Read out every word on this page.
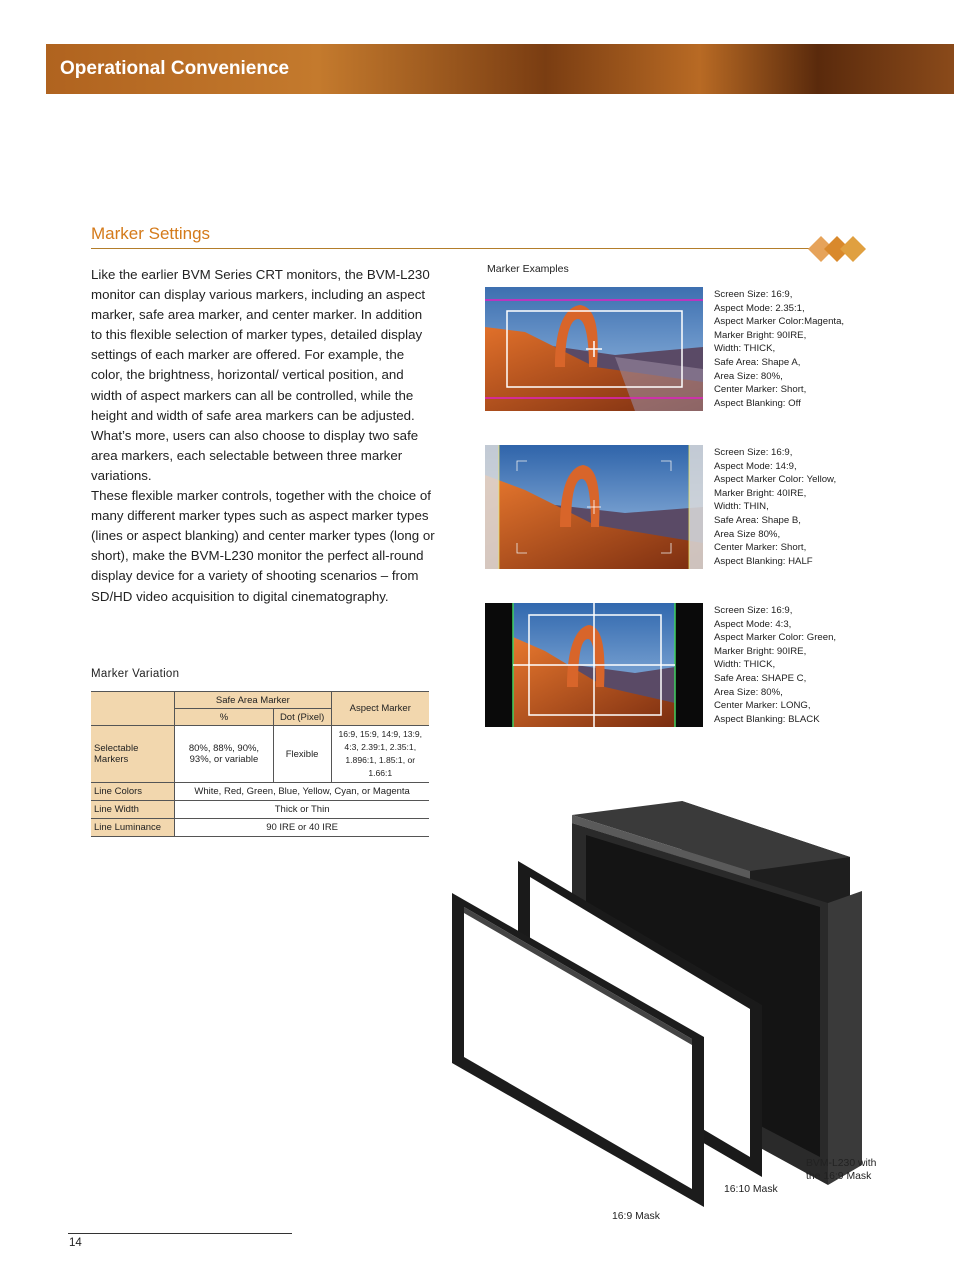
Operational Convenience
Marker Settings

Like the earlier BVM Series CRT monitors, the BVM-L230 monitor can display various markers, including an aspect marker, safe area marker, and center marker. In addition to this flexible selection of marker types, detailed display settings of each marker are offered. For example, the color, the brightness, horizontal/ vertical position, and width of aspect markers can all be controlled, while the height and width of safe area markers can be adjusted. What’s more, users can also choose to display two safe area markers, each selectable between three marker variations.

These flexible marker controls, together with the choice of many different marker types such as aspect marker types (lines or aspect blanking) and center marker types (long or short), make the BVM-L230 monitor the perfect all-round display device for a variety of shooting scenarios – from SD/HD video acquisition to digital cinematography.

Marker Variation
	Safe Area Marker		Aspect Marker
	%	Dot (Pixel)	
Selectable Markers	80%, 88%, 90%, 93%, or variable	Flexible	16:9, 15:9, 14:9, 13:9, 4:3, 2.39:1, 2.35:1, 1.896:1, 1.85:1, or 1.66:1
Line Colors	White, Red, Green, Blue, Yellow, Cyan, or Magenta		
Line Width	Thick or Thin		
Line Luminance	90 IRE or 40 IRE		
Marker Examples
Screen Size: 16:9,
Aspect Mode: 2.35:1,
Aspect Marker Color:Magenta,
Marker Bright: 90IRE,
Width: THICK,
Safe Area: Shape A,
Area Size: 80%,
Center Marker: Short,
Aspect Blanking: Off
Screen Size: 16:9,
Aspect Mode: 14:9,
Aspect Marker Color: Yellow,
Marker Bright: 40IRE,
Width: THIN,
Safe Area: Shape B,
Area Size 80%,
Center Marker: Short,
Aspect Blanking: HALF
Screen Size: 16:9,
Aspect Mode: 4:3,
Aspect Marker Color: Green,
Marker Bright: 90IRE,
Width: THICK,
Safe Area: SHAPE C,
Area Size: 80%,
Center Marker: LONG,
Aspect Blanking: BLACK
BVM-L230 with
the 16:9 Mask
16:10 Mask
16:9 Mask
14
